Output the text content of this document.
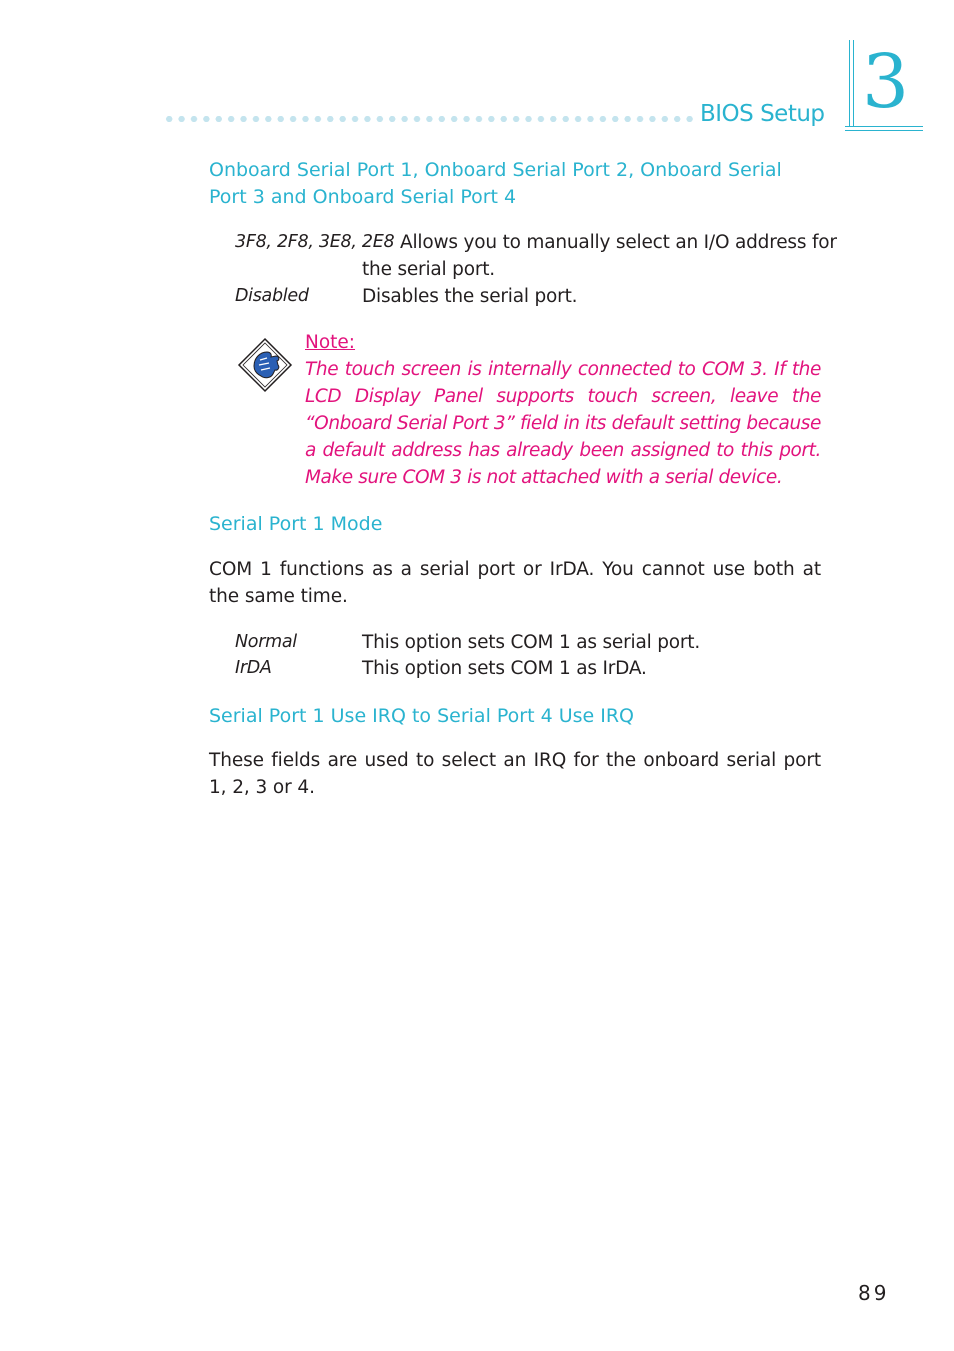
BIOS Setup 3
Onboard Serial Port 1, Onboard Serial Port 2, Onboard Serial Port 3 and Onboard Serial Port 4
3F8, 2F8, 3E8, 2E8 Allows you to manually select an I/O address for
the serial port.
Disabled	Disables the serial port.
Note:
The touch screen is internally connected to COM 3. If the LCD Display Panel supports touch screen, leave the “Onboard Serial Port 3” field in its default setting because a default address has already been assigned to this port. Make sure COM 3 is not attached with a serial device.
Serial Port 1 Mode
COM 1 functions as a serial port or IrDA. You cannot use both at the same time.
Normal	This option sets COM 1 as serial port.
IrDA	This option sets COM 1 as IrDA.
Serial Port 1 Use IRQ to Serial Port 4 Use IRQ
These fields are used to select an IRQ for the onboard serial port 1, 2, 3 or 4.
89
